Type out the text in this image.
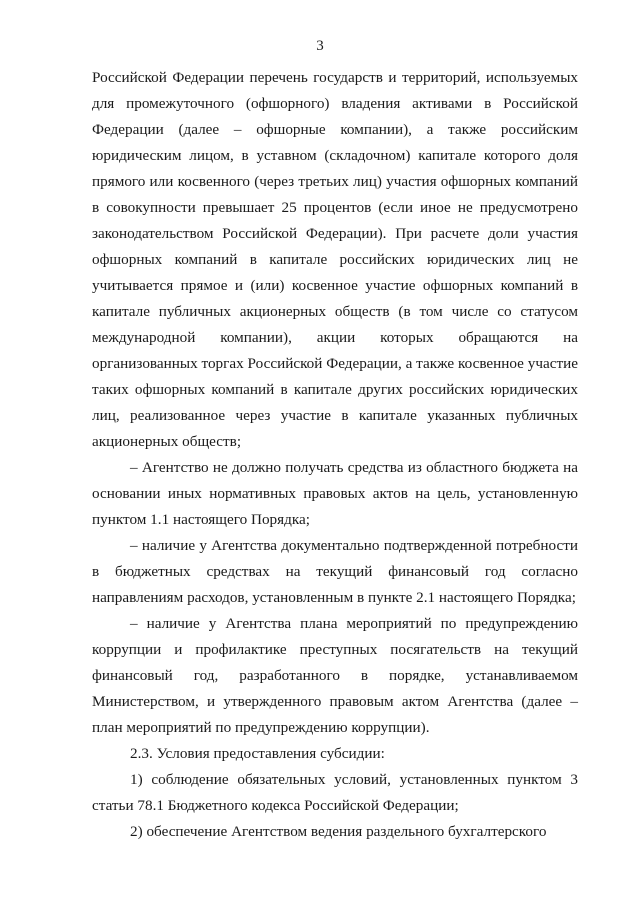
3

Российской Федерации перечень государств и территорий, используемых для промежуточного (офшорного) владения активами в Российской Федерации (далее – офшорные компании), а также российским юридическим лицом, в уставном (складочном) капитале которого доля прямого или косвенного (через третьих лиц) участия офшорных компаний в совокупности превышает 25 процентов (если иное не предусмотрено законодательством Российской Федерации). При расчете доли участия офшорных компаний в капитале российских юридических лиц не учитывается прямое и (или) косвенное участие офшорных компаний в капитале публичных акционерных обществ (в том числе со статусом международной компании), акции которых обращаются на организованных торгах Российской Федерации, а также косвенное участие таких офшорных компаний в капитале других российских юридических лиц, реализованное через участие в капитале указанных публичных акционерных обществ;

– Агентство не должно получать средства из областного бюджета на основании иных нормативных правовых актов на цель, установленную пунктом 1.1 настоящего Порядка;

– наличие у Агентства документально подтвержденной потребности в бюджетных средствах на текущий финансовый год согласно направлениям расходов, установленным в пункте 2.1 настоящего Порядка;

– наличие у Агентства плана мероприятий по предупреждению коррупции и профилактике преступных посягательств на текущий финансовый год, разработанного в порядке, устанавливаемом Министерством, и утвержденного правовым актом Агентства (далее – план мероприятий по предупреждению коррупции).

2.3. Условия предоставления субсидии:

1) соблюдение обязательных условий, установленных пунктом 3 статьи 78.1 Бюджетного кодекса Российской Федерации;

2) обеспечение Агентством ведения раздельного бухгалтерского
